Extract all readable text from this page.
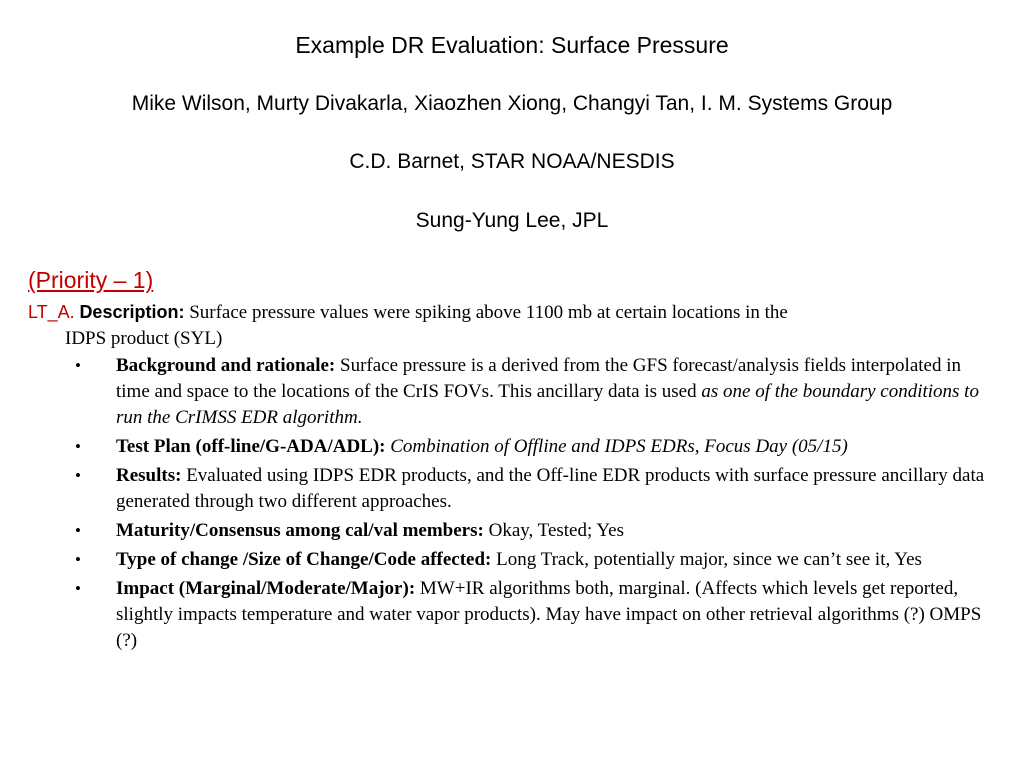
Example DR Evaluation: Surface Pressure
Mike Wilson, Murty Divakarla, Xiaozhen Xiong, Changyi Tan, I. M. Systems Group
C.D. Barnet, STAR NOAA/NESDIS
Sung-Yung Lee, JPL
(Priority – 1)
LT_A. Description: Surface pressure values were spiking above 1100 mb at certain locations in the
IDPS product (SYL)
• Background and rationale: Surface pressure is a derived from the GFS forecast/analysis fields interpolated in time and space to the locations of the CrIS FOVs. This ancillary data is used as one of the boundary conditions to run the CrIMSS EDR algorithm.
• Test Plan (off-line/G-ADA/ADL): Combination of Offline and IDPS EDRs, Focus Day (05/15)
• Results: Evaluated using IDPS EDR products, and the Off-line EDR products with surface pressure ancillary data generated through two different approaches.
• Maturity/Consensus among cal/val members: Okay, Tested; Yes
• Type of change /Size of Change/Code affected: Long Track, potentially major, since we can’t see it, Yes
• Impact (Marginal/Moderate/Major): MW+IR algorithms both, marginal. (Affects which levels get reported, slightly impacts temperature and water vapor products). May have impact on other retrieval algorithms (?) OMPS (?)
